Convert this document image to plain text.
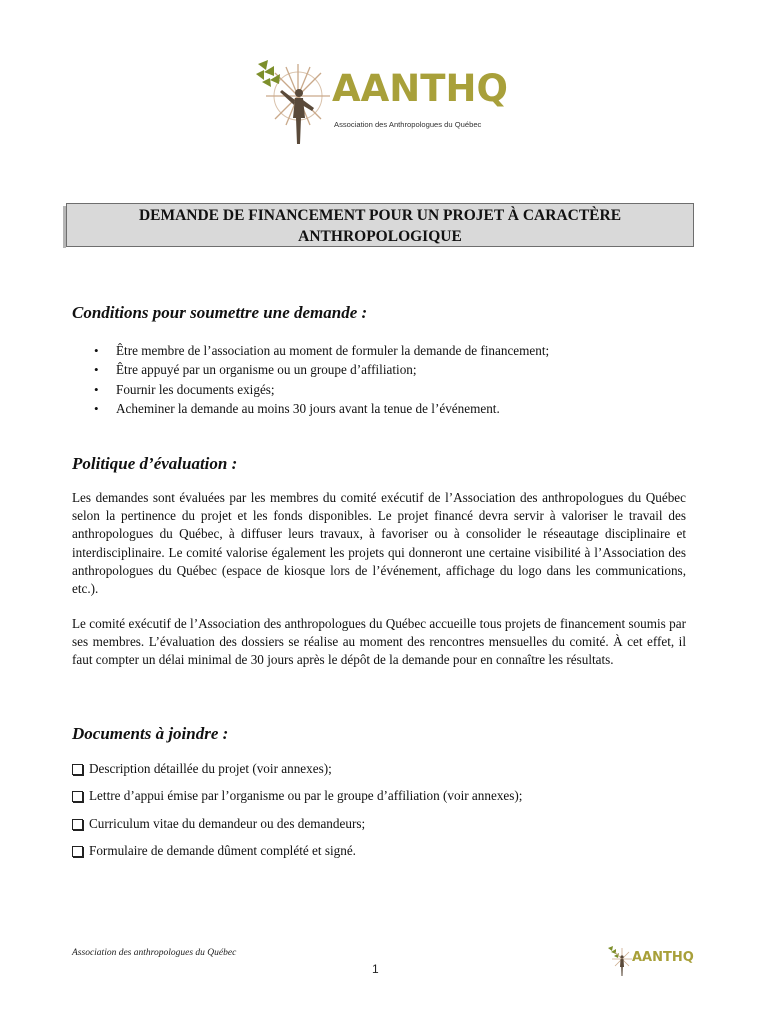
AANTHQ
Association des Anthropologues du Québec
DEMANDE DE FINANCEMENT POUR UN PROJET À CARACTÈRE
ANTHROPOLOGIQUE
Conditions pour soumettre une demande :
• Être membre de l’association au moment de formuler la demande de financement;
• Être appuyé par un organisme ou un groupe d’affiliation;
• Fournir les documents exigés;
• Acheminer la demande au moins 30 jours avant la tenue de l’événement.
Politique d’évaluation :

Les demandes sont évaluées par les membres du comité exécutif de l’Association des anthropologues du Québec selon la pertinence du projet et les fonds disponibles. Le projet financé devra servir à valoriser le travail des anthropologues du Québec, à diffuser leurs travaux, à favoriser ou à consolider le réseautage disciplinaire et interdisciplinaire. Le comité valorise également les projets qui donneront une certaine visibilité à l’Association des anthropologues du Québec (espace de kiosque lors de l’événement, affichage du logo dans les communications, etc.).

Le comité exécutif de l’Association des anthropologues du Québec accueille tous projets de financement soumis par ses membres. L’évaluation des dossiers se réalise au moment des rencontres mensuelles du comité. À cet effet, il faut compter un délai minimal de 30 jours après le dépôt de la demande pour en connaître les résultats.

Documents à joindre :
Description détaillée du projet (voir annexes);
Lettre d’appui émise par l’organisme ou par le groupe d’affiliation (voir annexes);
Curriculum vitae du demandeur ou des demandeurs;
Formulaire de demande dûment complété et signé.
Association des anthropologues du Québec
1
AANTHQ
